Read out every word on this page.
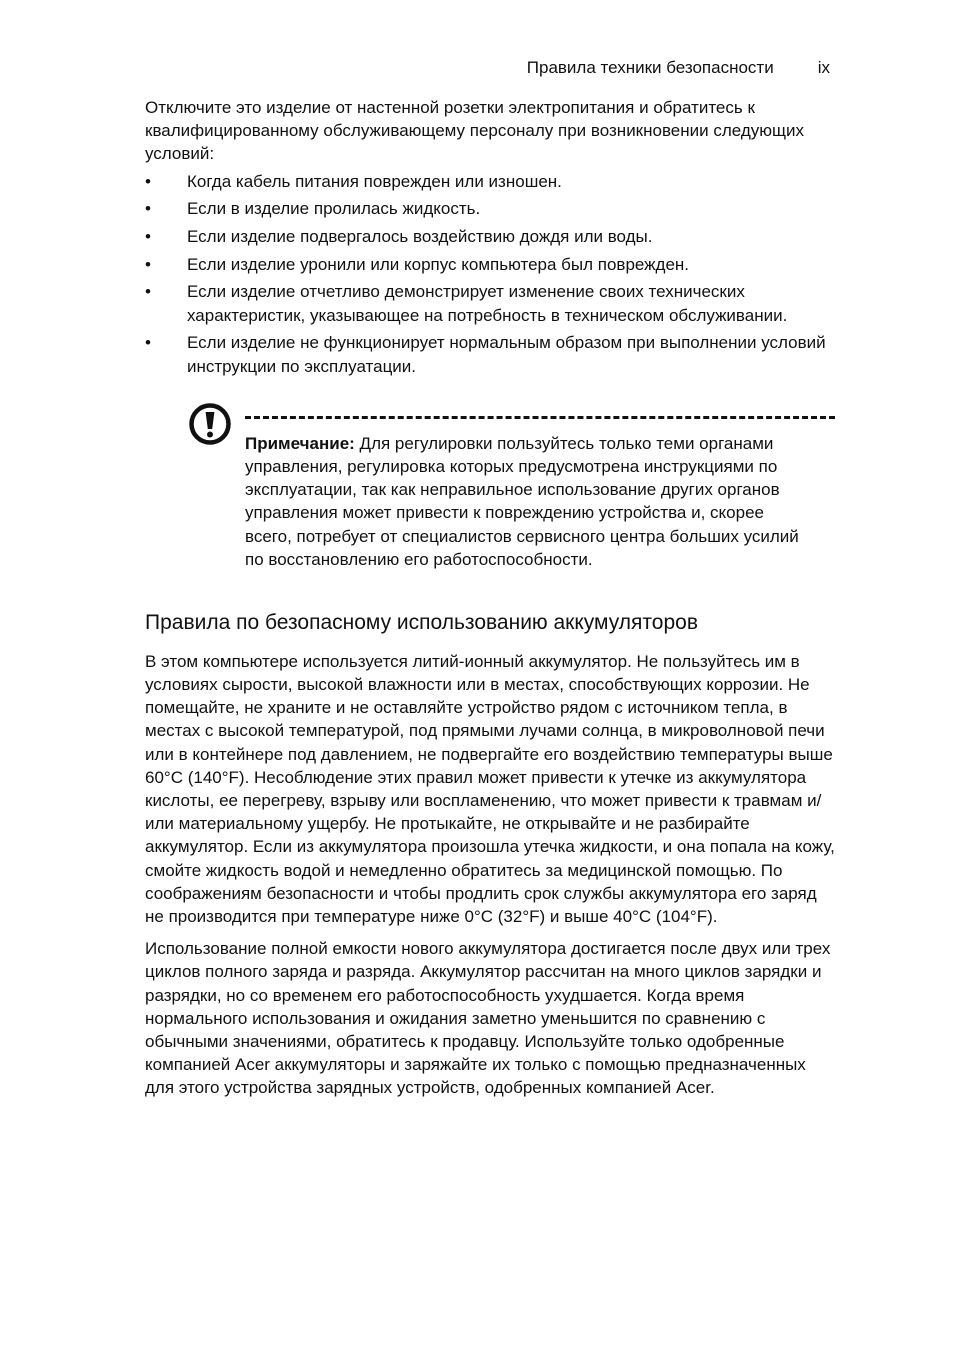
Правила техники безопасности	ix

Отключите это изделие от настенной розетки электропитания и обратитесь к квалифицированному обслуживающему персоналу при возникновении следующих условий:

• Когда кабель питания поврежден или изношен.
• Если в изделие пролилась жидкость.
• Если изделие подвергалось воздействию дождя или воды.
• Если изделие уронили или корпус компьютера был поврежден.
• Если изделие отчетливо демонстрирует изменение своих технических характеристик, указывающее на потребность в техническом обслуживании.
• Если изделие не функционирует нормальным образом при выполнении условий инструкции по эксплуатации.

Примечание: Для регулировки пользуйтесь только теми органами управления, регулировка которых предусмотрена инструкциями по эксплуатации, так как неправильное использование других органов управления может привести к повреждению устройства и, скорее всего, потребует от специалистов сервисного центра больших усилий по восстановлению его работоспособности.

Правила по безопасному использованию аккумуляторов

В этом компьютере используется литий-ионный аккумулятор. Не пользуйтесь им в условиях сырости, высокой влажности или в местах, способствующих коррозии. Не помещайте, не храните и не оставляйте устройство рядом с источником тепла, в местах с высокой температурой, под прямыми лучами солнца, в микроволновой печи или в контейнере под давлением, не подвергайте его воздействию температуры выше 60°C (140°F). Несоблюдение этих правил может привести к утечке из аккумулятора кислоты, ее перегреву, взрыву или воспламенению, что может привести к травмам и/или материальному ущербу. Не протыкайте, не открывайте и не разбирайте аккумулятор. Если из аккумулятора произошла утечка жидкости, и она попала на кожу, смойте жидкость водой и немедленно обратитесь за медицинской помощью. По соображениям безопасности и чтобы продлить срок службы аккумулятора его заряд не производится при температуре ниже 0°C (32°F) и выше 40°C (104°F).

Использование полной емкости нового аккумулятора достигается после двух или трех циклов полного заряда и разряда. Аккумулятор рассчитан на много циклов зарядки и разрядки, но со временем его работоспособность ухудшается. Когда время нормального использования и ожидания заметно уменьшится по сравнению с обычными значениями, обратитесь к продавцу. Используйте только одобренные компанией Acer аккумуляторы и заряжайте их только с помощью предназначенных для этого устройства зарядных устройств, одобренных компанией Acer.
